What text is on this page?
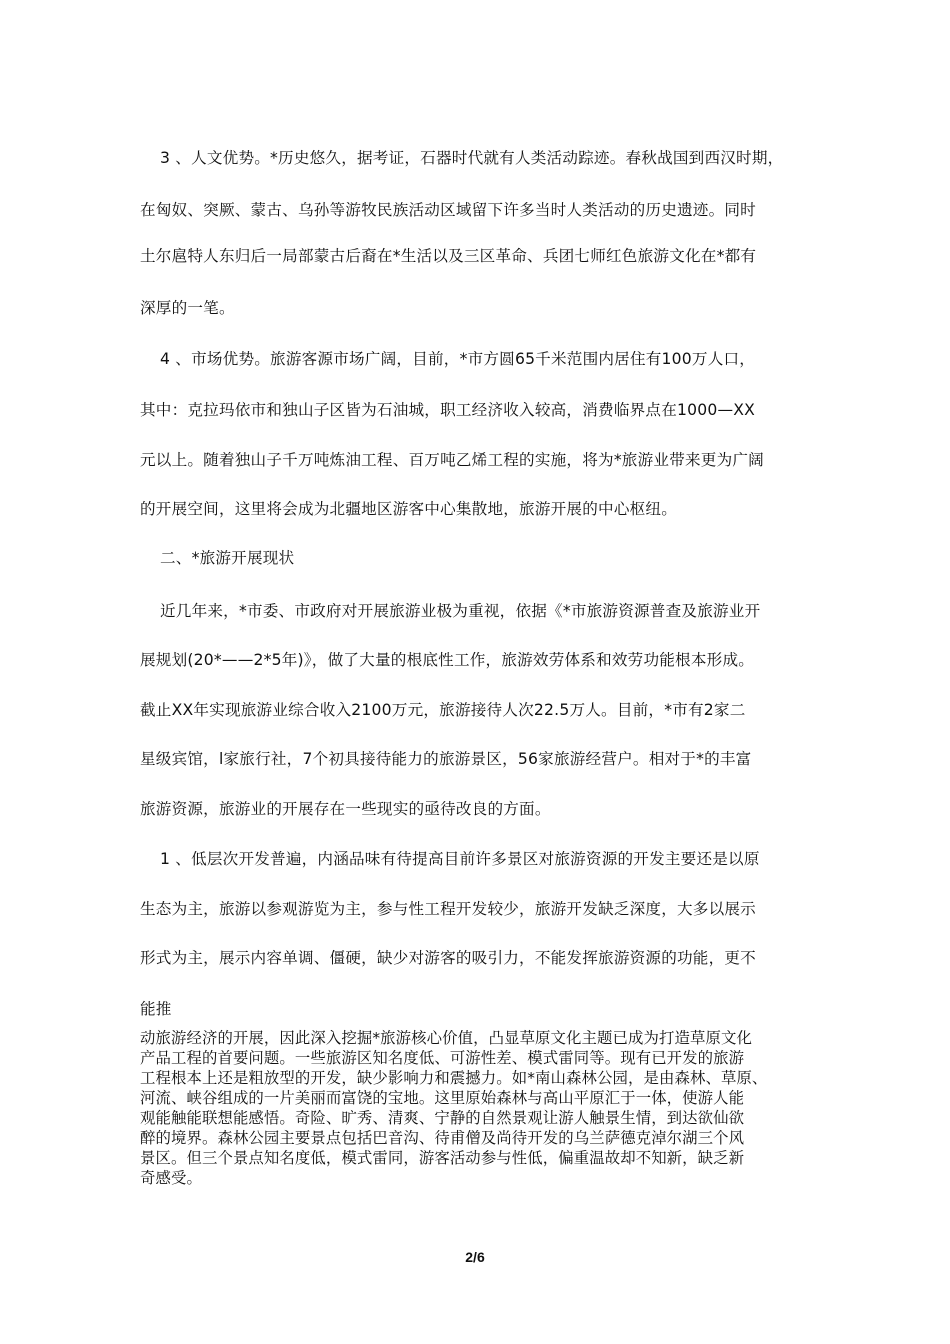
3 、人文优势。*历史悠久，据考证，石器时代就有人类活动踪迹。春秋战国到西汉时期，
在匈奴、突厥、蒙古、乌孙等游牧民族活动区域留下许多当时人类活动的历史遗迹。同时
土尔扈特人东归后一局部蒙古后裔在*生活以及三区革命、兵团七师红色旅游文化在*都有
深厚的一笔。
4 、市场优势。旅游客源市场广阔，目前，*市方圆65千米范围内居住有100万人口，
其中：克拉玛依市和独山子区皆为石油城，职工经济收入较高，消费临界点在1000—XX
元以上。随着独山子千万吨炼油工程、百万吨乙烯工程的实施，将为*旅游业带来更为广阔
的开展空间，这里将会成为北疆地区游客中心集散地，旅游开展的中心枢纽。
二、*旅游开展现状
近几年来，*市委、市政府对开展旅游业极为重视，依据《*市旅游资源普查及旅游业开
展规划(20*——2*5年)》，做了大量的根底性工作，旅游效劳体系和效劳功能根本形成。
截止XX年实现旅游业综合收入2100万元，旅游接待人次22.5万人。目前，*市有2家二
星级宾馆，l家旅行社，7个初具接待能力的旅游景区，56家旅游经营户。相对于*的丰富
旅游资源，旅游业的开展存在一些现实的亟待改良的方面。
1 、低层次开发普遍，内涵品味有待提高目前许多景区对旅游资源的开发主要还是以原
生态为主，旅游以参观游览为主，参与性工程开发较少，旅游开发缺乏深度，大多以展示
形式为主，展示内容单调、僵硬，缺少对游客的吸引力，不能发挥旅游资源的功能，更不
能推
动旅游经济的开展，因此深入挖掘*旅游核心价值，凸显草原文化主题已成为打造草原文化
产品工程的首要问题。一些旅游区知名度低、可游性差、模式雷同等。现有已开发的旅游
工程根本上还是粗放型的开发，缺少影响力和震撼力。如*南山森林公园，是由森林、草原、
河流、峡谷组成的一片美丽而富饶的宝地。这里原始森林与高山平原汇于一体，使游人能
观能触能联想能感悟。奇险、旷秀、清爽、宁静的自然景观让游人触景生情，到达欲仙欲
醉的境界。森林公园主要景点包括巴音沟、待甫僧及尚待开发的乌兰萨德克淖尔湖三个风
景区。但三个景点知名度低，模式雷同，游客活动参与性低，偏重温故却不知新，缺乏新
奇感受。
2/6
